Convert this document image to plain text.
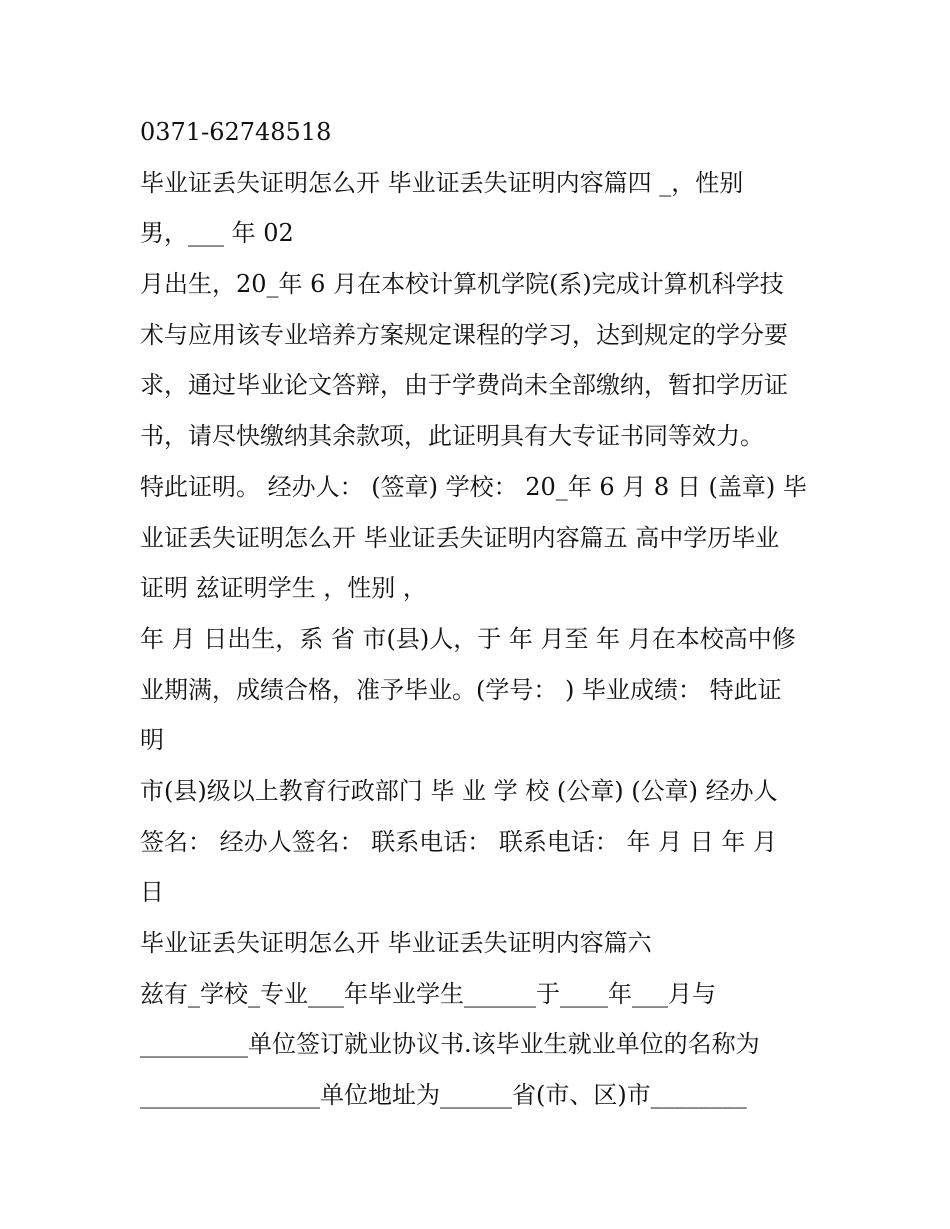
0371-62748518
毕业证丢失证明怎么开 毕业证丢失证明内容篇四 _，性别
男，___ 年 02
月出生，20_年 6 月在本校计算机学院(系)完成计算机科学技
术与应用该专业培养方案规定课程的学习，达到规定的学分要
求，通过毕业论文答辩，由于学费尚未全部缴纳，暂扣学历证
书，请尽快缴纳其余款项，此证明具有大专证书同等效力。
特此证明。 经办人： (签章) 学校： 20_年 6 月 8 日 (盖章) 毕
业证丢失证明怎么开 毕业证丢失证明内容篇五 高中学历毕业
证明 兹证明学生 ，性别 ，
年 月 日出生，系 省 市(县)人，于 年 月至 年 月在本校高中修
业期满，成绩合格，准予毕业。(学号： ) 毕业成绩： 特此证
明
市(县)级以上教育行政部门 毕 业 学 校 (公章) (公章) 经办人
签名： 经办人签名： 联系电话： 联系电话： 年 月 日 年 月
日
毕业证丢失证明怎么开 毕业证丢失证明内容篇六
兹有_学校_专业___年毕业学生______于____年___月与
_________单位签订就业协议书.该毕业生就业单位的名称为
_______________单位地址为______省(市、区)市________
